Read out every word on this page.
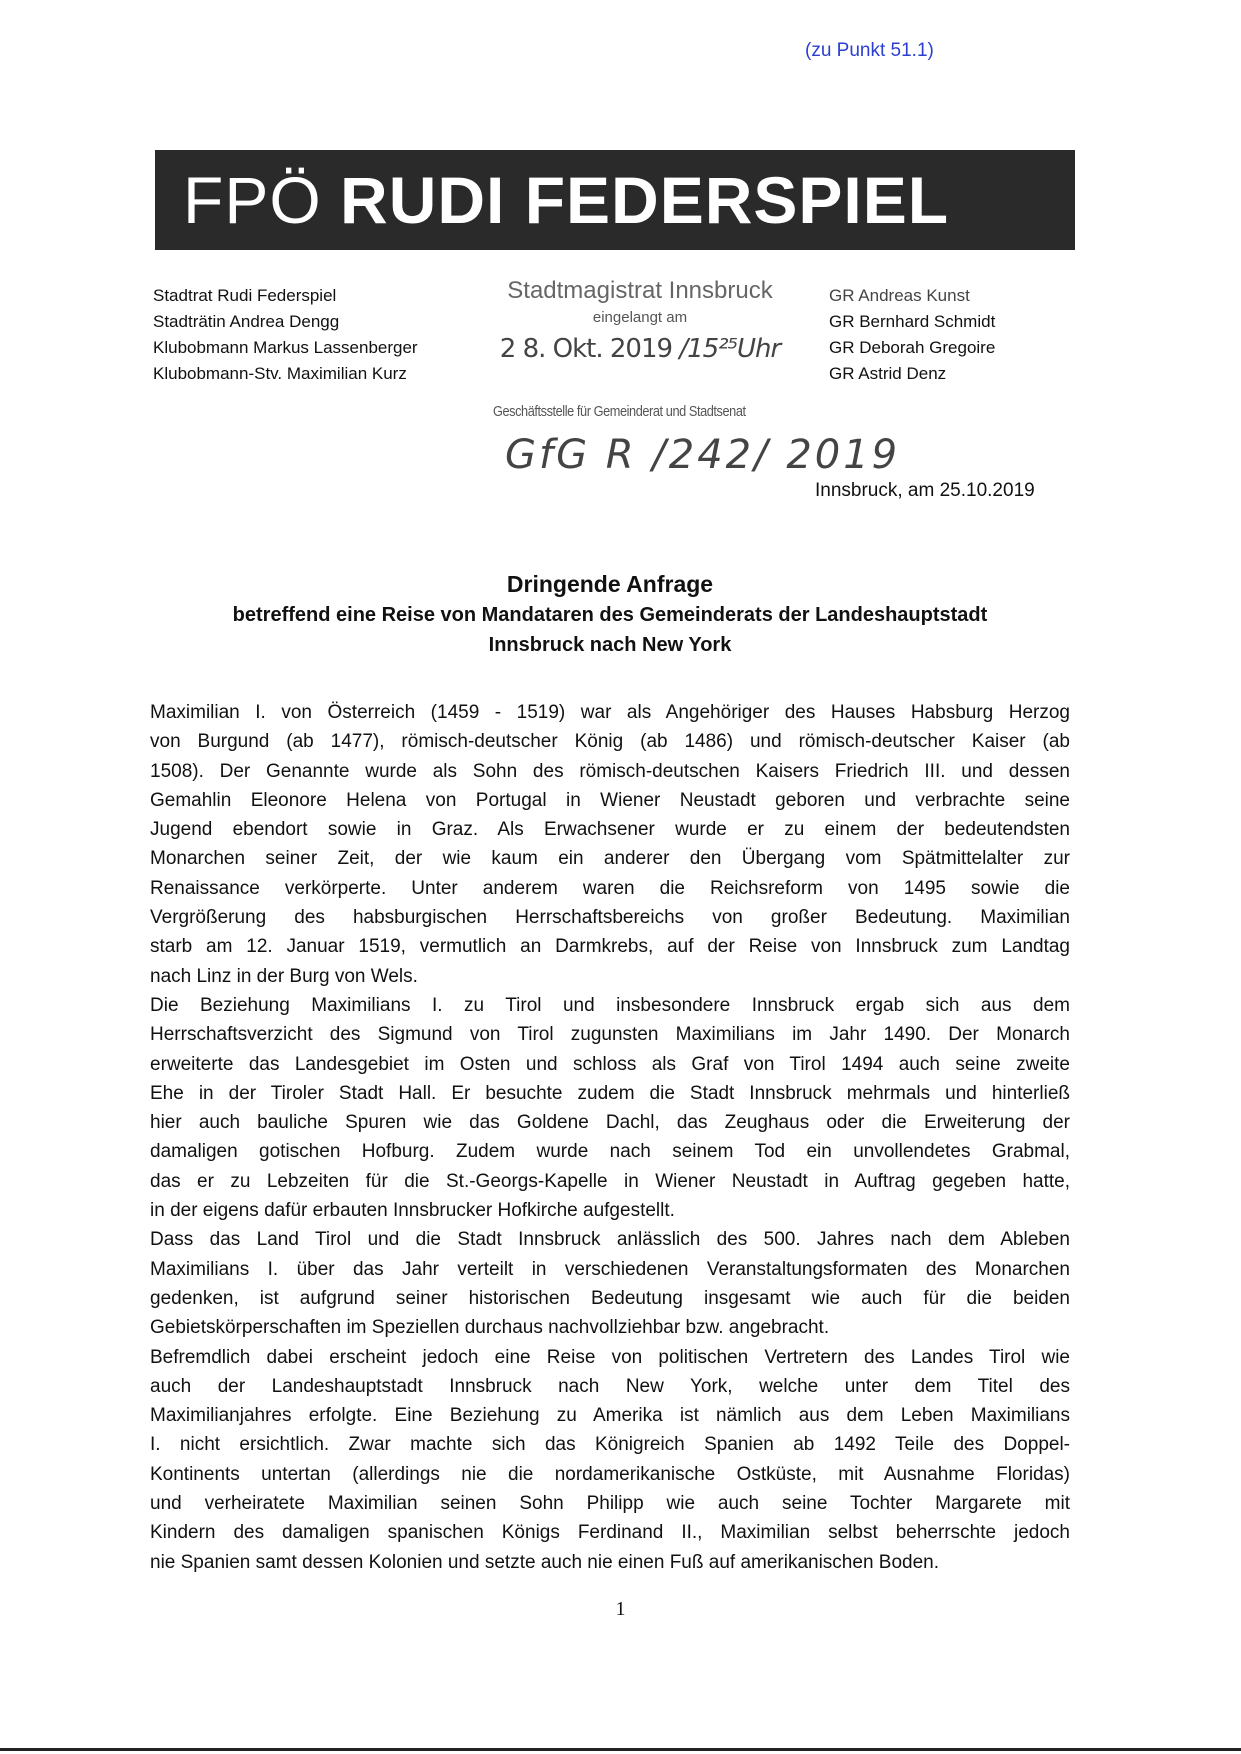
(zu Punkt 51.1)
FPÖ RUDI FEDERSPIEL
Stadtrat Rudi Federspiel
Stadträtin Andrea Dengg
Klubobmann Markus Lassenberger
Klubobmann-Stv. Maximilian Kurz
GR Andreas Kunst
GR Bernhard Schmidt
GR Deborah Gregoire
GR Astrid Denz
Stadtmagistrat Innsbruck
eingelangt am
2 8. Okt. 2019 /15²⁵Uhr
Geschäftsstelle für Gemeinderat und Stadtsenat
GfG R /242/ 2019
Innsbruck, am 25.10.2019
Dringende Anfrage
betreffend eine Reise von Mandataren des Gemeinderats der Landeshauptstadt
Innsbruck nach New York
Maximilian I. von Österreich (1459 - 1519) war als Angehöriger des Hauses Habsburg Herzog
von Burgund (ab 1477), römisch-deutscher König (ab 1486) und römisch-deutscher Kaiser (ab
1508). Der Genannte wurde als Sohn des römisch-deutschen Kaisers Friedrich III. und dessen
Gemahlin Eleonore Helena von Portugal in Wiener Neustadt geboren und verbrachte seine
Jugend ebendort sowie in Graz. Als Erwachsener wurde er zu einem der bedeutendsten
Monarchen seiner Zeit, der wie kaum ein anderer den Übergang vom Spätmittelalter zur
Renaissance verkörperte. Unter anderem waren die Reichsreform von 1495 sowie die
Vergrößerung des habsburgischen Herrschaftsbereichs von großer Bedeutung. Maximilian
starb am 12. Januar 1519, vermutlich an Darmkrebs, auf der Reise von Innsbruck zum Landtag
nach Linz in der Burg von Wels.
Die Beziehung Maximilians I. zu Tirol und insbesondere Innsbruck ergab sich aus dem
Herrschaftsverzicht des Sigmund von Tirol zugunsten Maximilians im Jahr 1490. Der Monarch
erweiterte das Landesgebiet im Osten und schloss als Graf von Tirol 1494 auch seine zweite
Ehe in der Tiroler Stadt Hall. Er besuchte zudem die Stadt Innsbruck mehrmals und hinterließ
hier auch bauliche Spuren wie das Goldene Dachl, das Zeughaus oder die Erweiterung der
damaligen gotischen Hofburg. Zudem wurde nach seinem Tod ein unvollendetes Grabmal,
das er zu Lebzeiten für die St.-Georgs-Kapelle in Wiener Neustadt in Auftrag gegeben hatte,
in der eigens dafür erbauten Innsbrucker Hofkirche aufgestellt.
Dass das Land Tirol und die Stadt Innsbruck anlässlich des 500. Jahres nach dem Ableben
Maximilians I. über das Jahr verteilt in verschiedenen Veranstaltungsformaten des Monarchen
gedenken, ist aufgrund seiner historischen Bedeutung insgesamt wie auch für die beiden
Gebietskörperschaften im Speziellen durchaus nachvollziehbar bzw. angebracht.
Befremdlich dabei erscheint jedoch eine Reise von politischen Vertretern des Landes Tirol wie
auch der Landeshauptstadt Innsbruck nach New York, welche unter dem Titel des
Maximilianjahres erfolgte. Eine Beziehung zu Amerika ist nämlich aus dem Leben Maximilians
I. nicht ersichtlich. Zwar machte sich das Königreich Spanien ab 1492 Teile des Doppel-
Kontinents untertan (allerdings nie die nordamerikanische Ostküste, mit Ausnahme Floridas)
und verheiratete Maximilian seinen Sohn Philipp wie auch seine Tochter Margarete mit
Kindern des damaligen spanischen Königs Ferdinand II., Maximilian selbst beherrschte jedoch
nie Spanien samt dessen Kolonien und setzte auch nie einen Fuß auf amerikanischen Boden.
1
